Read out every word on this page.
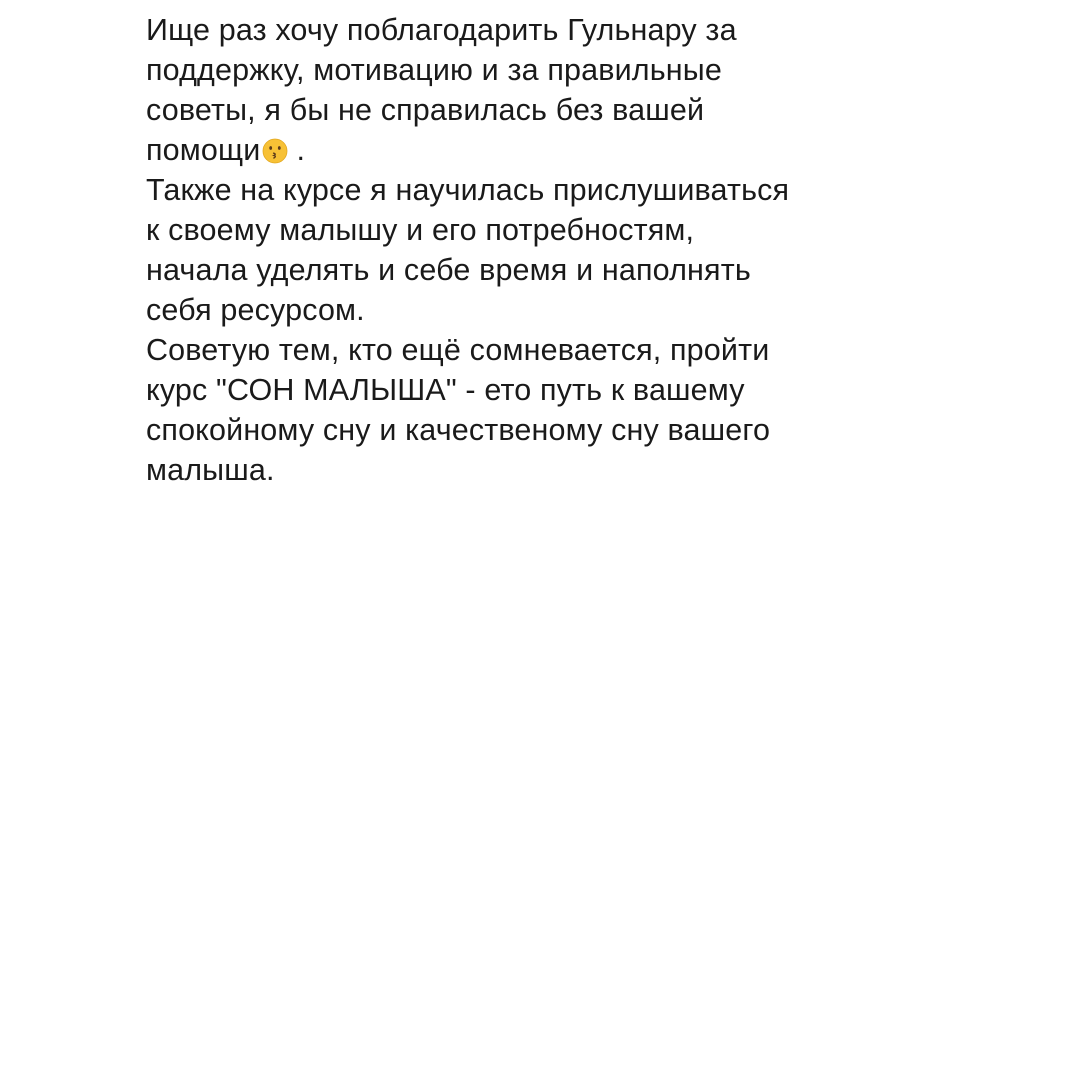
Ище раз хочу поблагодарить Гульнару за
поддержку, мотивацию и за правильные
советы, я бы не справилась без вашей
помощи .
Также на курсе я научилась прислушиваться
к своему малышу и его потребностям,
начала уделять и себе время и наполнять
себя ресурсом.
Советую тем, кто ещё сомневается, пройти
курс "СОН МАЛЫША" - ето путь к вашему
спокойному сну и качественому сну вашего
малыша.
